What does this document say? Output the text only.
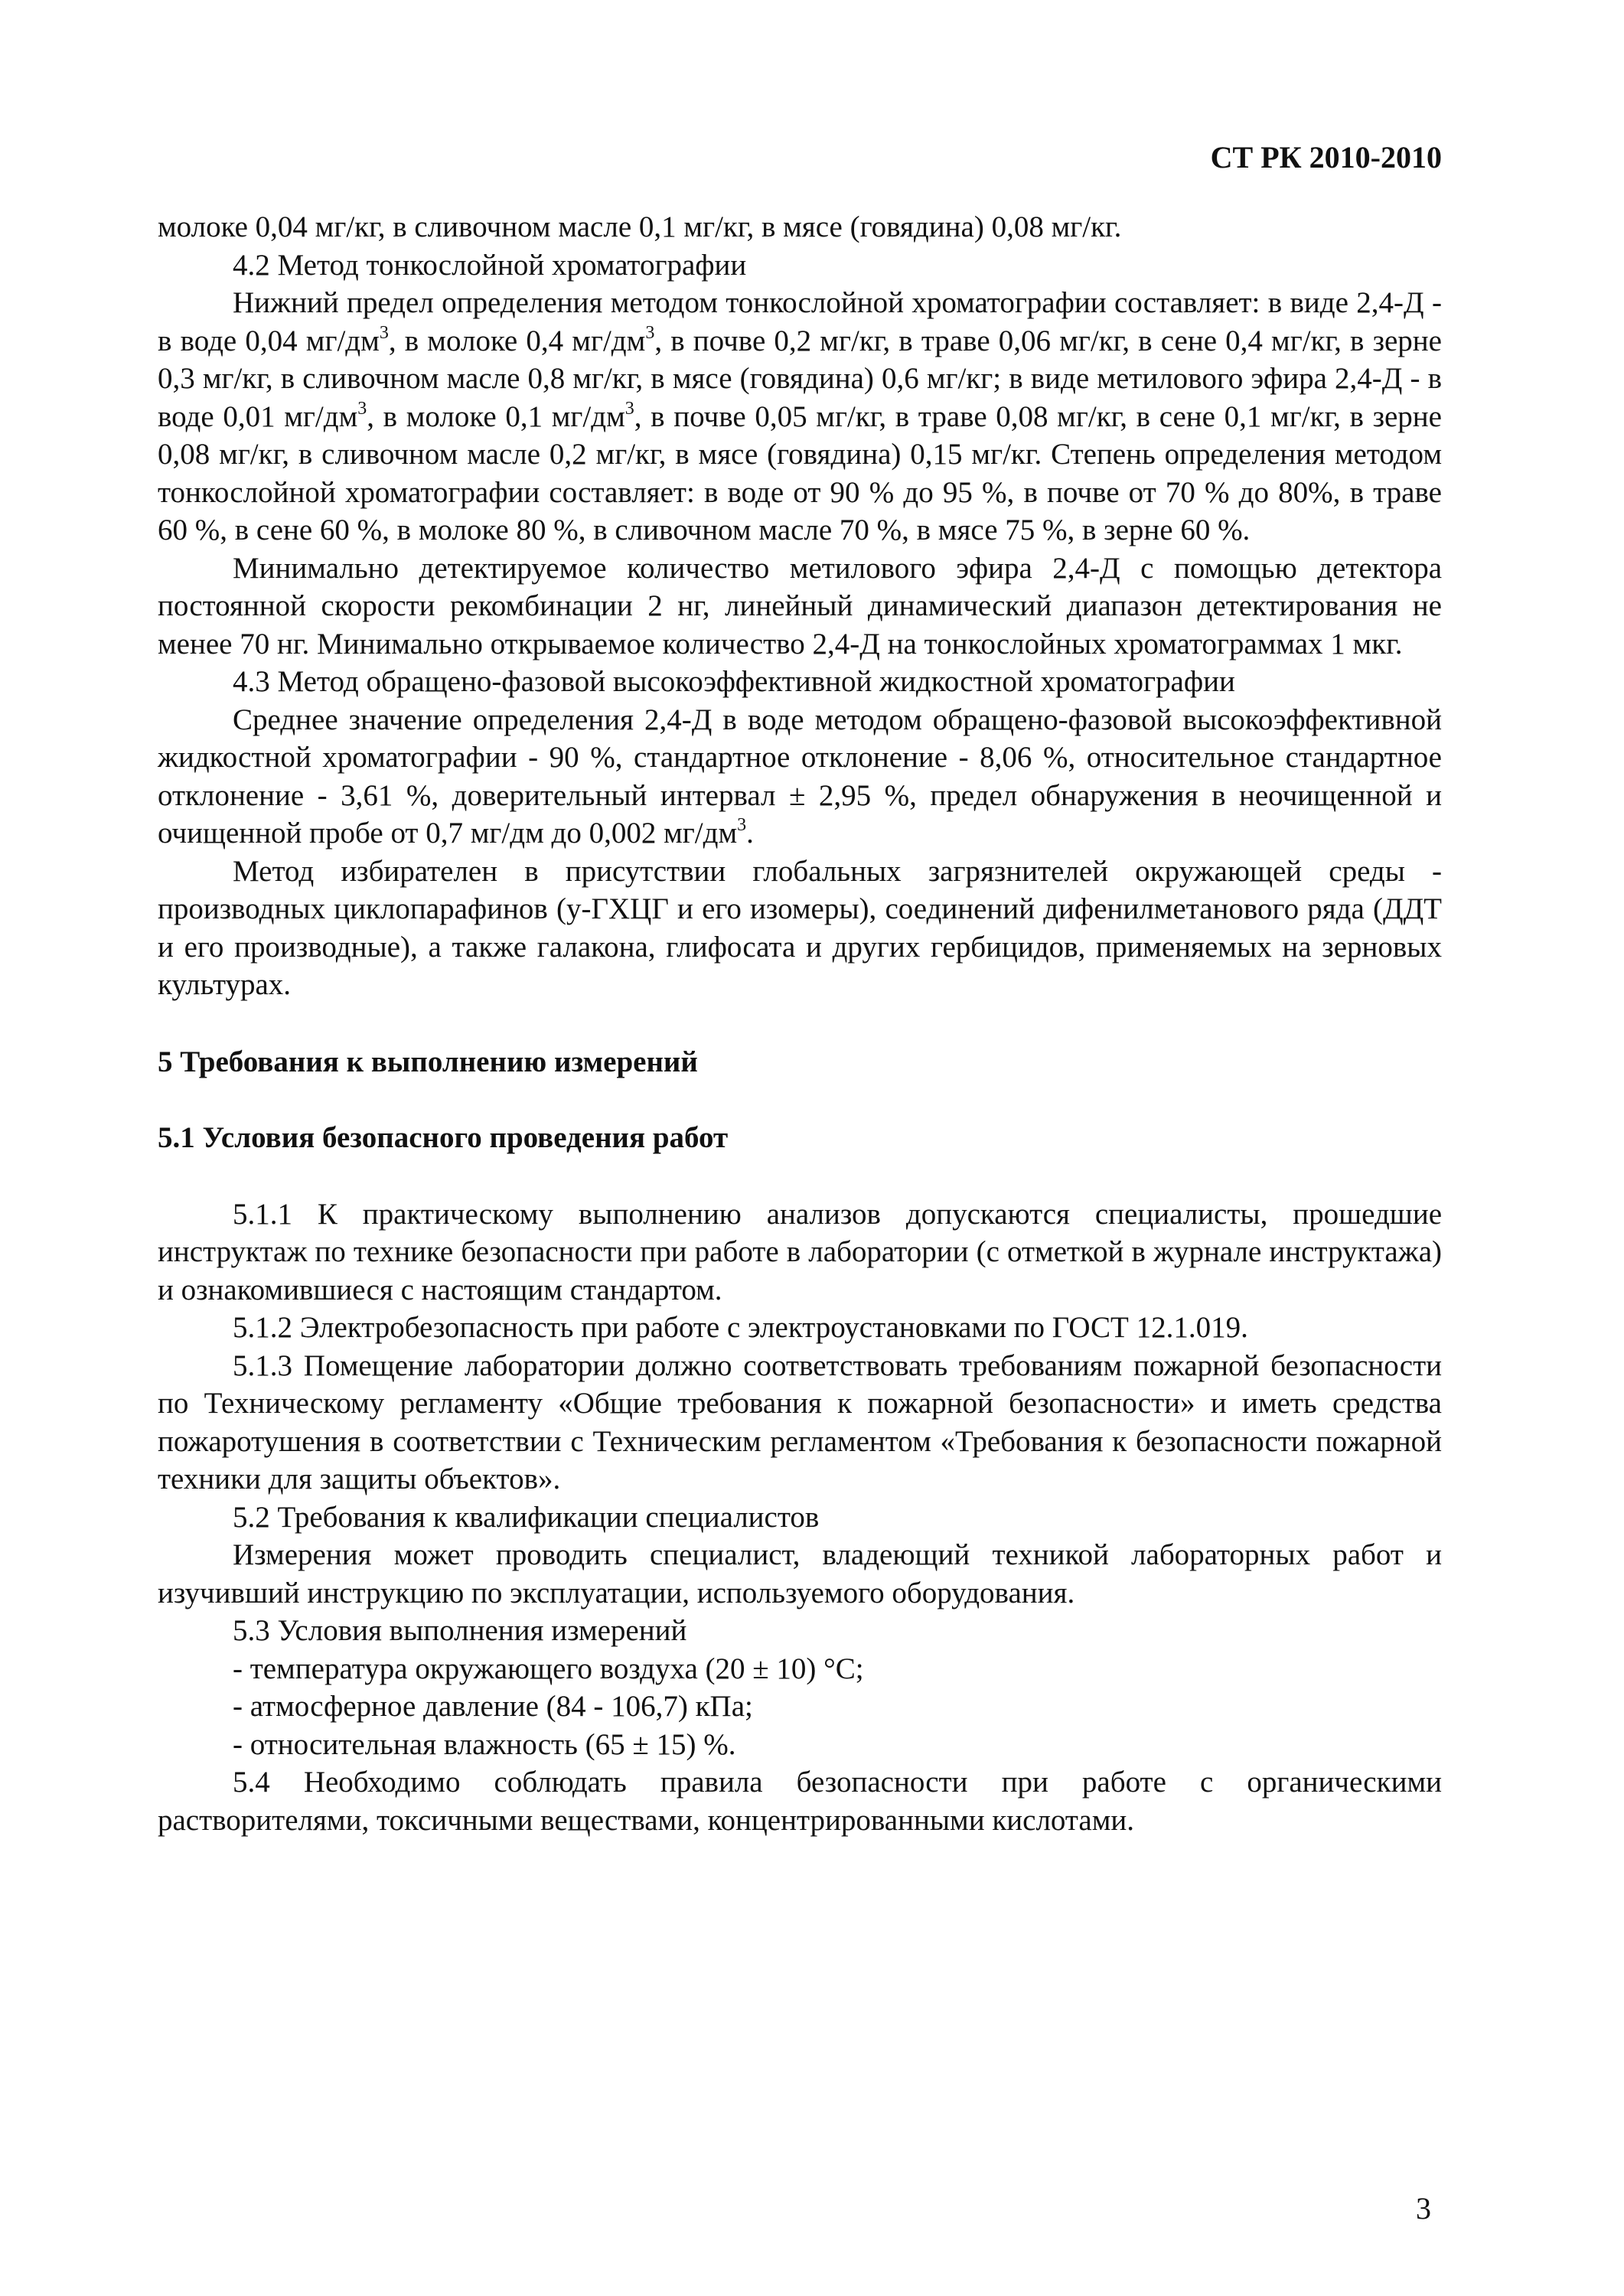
СТ РК 2010-2010

молоке 0,04 мг/кг, в сливочном масле 0,1 мг/кг, в мясе (говядина) 0,08 мг/кг.

4.2 Метод тонкослойной хроматографии

Нижний предел определения методом тонкослойной хроматографии составляет: в виде 2,4-Д - в воде 0,04 $мг/дм^3$, в молоке 0,4 $мг/дм^3$, в почве 0,2 мг/кг, в траве 0,06 мг/кг, в сене 0,4 мг/кг, в зерне 0,3 мг/кг, в сливочном масле 0,8 мг/кг, в мясе (говядина) 0,6 мг/кг; в виде метилового эфира 2,4-Д - в воде 0,01 $мг/дм^3$, в молоке 0,1 $мг/дм^3$, в почве 0,05 мг/кг, в траве 0,08 мг/кг, в сене 0,1 мг/кг, в зерне 0,08 мг/кг, в сливочном масле 0,2 мг/кг, в мясе (говядина) 0,15 мг/кг. Степень определения методом тонкослойной хроматографии составляет: в воде от 90 % до 95 %, в почве от 70 % до 80%, в траве 60 %, в сене 60 %, в молоке 80 %, в сливочном масле 70 %, в мясе 75 %, в зерне 60 %.

Минимально детектируемое количество метилового эфира 2,4-Д с помощью детектора постоянной скорости рекомбинации 2 нг, линейный динамический диапазон детектирования не менее 70 нг. Минимально открываемое количество 2,4-Д на тонкослойных хроматограммах 1 мкг.

4.3 Метод обращено-фазовой высокоэффективной жидкостной хроматографии

Среднее значение определения 2,4-Д в воде методом обращено-фазовой высокоэффективной жидкостной хроматографии - 90 %, стандартное отклонение - 8,06 %, относительное стандартное отклонение - 3,61 %, доверительный интервал ± 2,95 %, предел обнаружения в неочищенной и очищенной пробе от 0,7 мг/дм до 0,002 $мг/дм^3$.

Метод избирателен в присутствии глобальных загрязнителей окружающей среды - производных циклопарафинов (у-ГХЦГ и его изомеры), соединений дифенилметанового ряда (ДДТ и его производные), а также галакона, глифосата и других гербицидов, применяемых на зерновых культурах.

5 Требования к выполнению измерений

5.1 Условия безопасного проведения работ

5.1.1 К практическому выполнению анализов допускаются специалисты, прошедшие инструктаж по технике безопасности при работе в лаборатории (с отметкой в журнале инструктажа) и ознакомившиеся с настоящим стандартом.

5.1.2 Электробезопасность при работе с электроустановками по ГОСТ 12.1.019.

5.1.3 Помещение лаборатории должно соответствовать требованиям пожарной безопасности по Техническому регламенту «Общие требования к пожарной безопасности» и иметь средства пожаротушения в соответствии с Техническим регламентом «Требования к безопасности пожарной техники для защиты объектов».

5.2 Требования к квалификации специалистов

Измерения может проводить специалист, владеющий техникой лабораторных работ и изучивший инструкцию по эксплуатации, используемого оборудования.

5.3 Условия выполнения измерений

- температура окружающего воздуха (20 ± 10) °С;

- атмосферное давление (84 - 106,7) кПа;

- относительная влажность (65 ± 15) %.

5.4 Необходимо соблюдать правила безопасности при работе с органическими растворителями, токсичными веществами, концентрированными кислотами.

3
